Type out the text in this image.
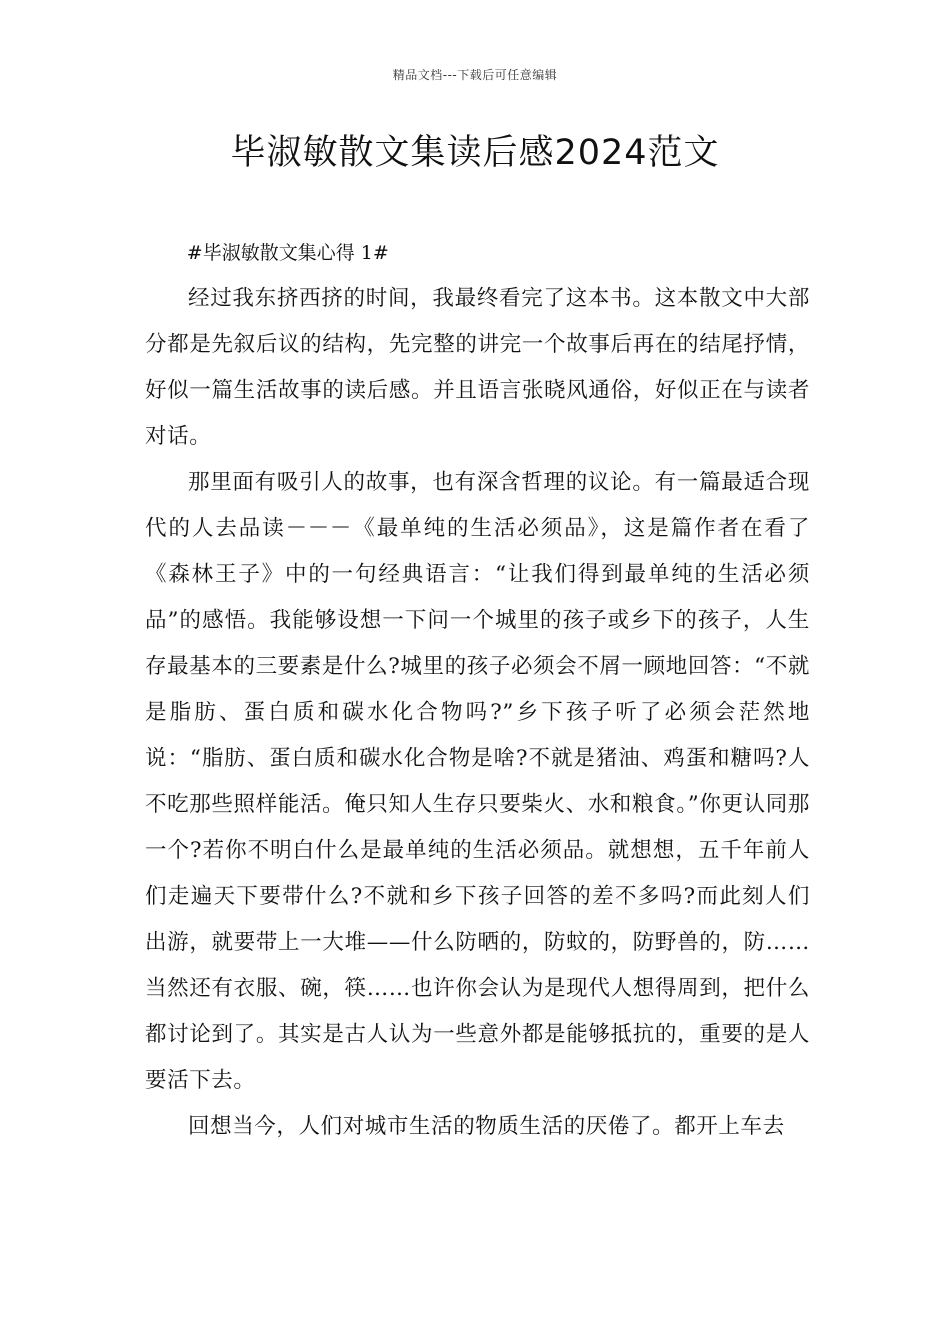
精品文档---下载后可任意编辑
毕淑敏散文集读后感2024范文

#毕淑敏散文集心得 1#

经过我东挤西挤的时间，我最终看完了这本书。这本散文中大部分都是先叙后议的结构，先完整的讲完一个故事后再在的结尾抒情，好似一篇生活故事的读后感。并且语言张晓风通俗，好似正在与读者对话。

那里面有吸引人的故事，也有深含哲理的议论。有一篇最适合现代的人去品读－－－《最单纯的生活必须品》，这是篇作者在看了《森林王子》中的一句经典语言：“让我们得到最单纯的生活必须品”的感悟。我能够设想一下问一个城里的孩子或乡下的孩子，人生存最基本的三要素是什么?城里的孩子必须会不屑一顾地回答：“不就是脂肪、蛋白质和碳水化合物吗?”乡下孩子听了必须会茫然地说：“脂肪、蛋白质和碳水化合物是啥?不就是猪油、鸡蛋和糖吗?人不吃那些照样能活。俺只知人生存只要柴火、水和粮食。”你更认同那一个?若你不明白什么是最单纯的生活必须品。就想想，五千年前人们走遍天下要带什么?不就和乡下孩子回答的差不多吗?而此刻人们出游，就要带上一大堆——什么防晒的，防蚊的，防野兽的，防……当然还有衣服、碗，筷……也许你会认为是现代人想得周到，把什么都讨论到了。其实是古人认为一些意外都是能够抵抗的，重要的是人要活下去。

回想当今，人们对城市生活的物质生活的厌倦了。都开上车去
